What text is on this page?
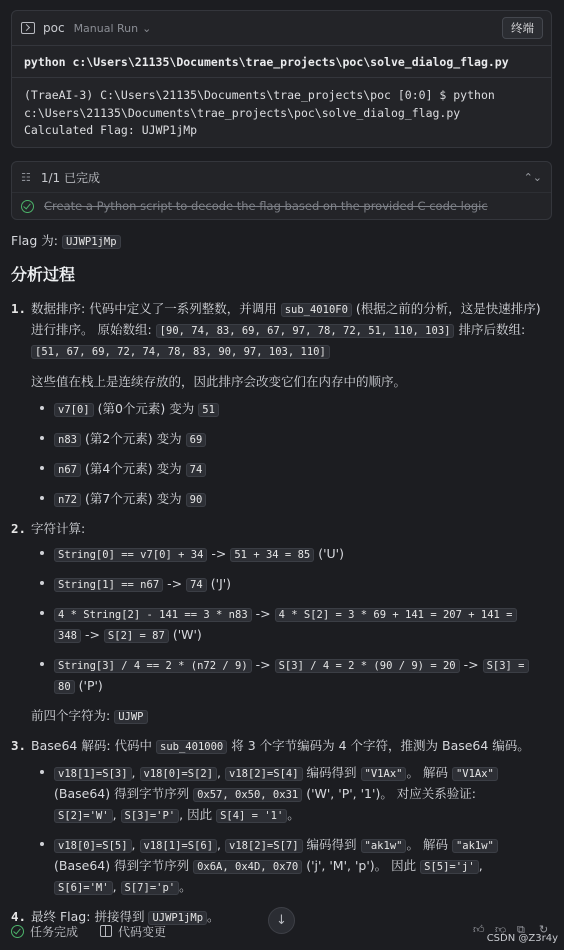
poc Manual Run ⌄	终端
python c:\Users\21135\Documents\trae_projects\poc\solve_dialog_flag.py
(TraeAI-3) C:\Users\21135\Documents\trae_projects\poc [0:0] $ python
c:\Users\21135\Documents\trae_projects\poc\solve_dialog_flag.py
Calculated Flag: UJWP1jMp
☷ 1/1 已完成	⌃⌄
Create a Python script to decode the flag based on the provided C code logic
Flag 为: UJWP1jMp
分析过程
1. 数据排序: 代码中定义了一系列整数，并调用 sub_4010F0 (根据之前的分析，这是快速排序) 进行排序。 原始数组: [90, 74, 83, 69, 67, 97, 78, 72, 51, 110, 103] 排序后数组: [51, 67, 69, 72, 74, 78, 83, 90, 97, 103, 110]
这些值在栈上是连续存放的，因此排序会改变它们在内存中的顺序。
v7[0] (第0个元素) 变为 51
n83 (第2个元素) 变为 69
n67 (第4个元素) 变为 74
n72 (第7个元素) 变为 90
2. 字符计算:
String[0] == v7[0] + 34 -> 51 + 34 = 85 ('U')
String[1] == n67 -> 74 ('J')
4 * String[2] - 141 == 3 * n83 -> 4 * S[2] = 3 * 69 + 141 = 207 + 141 =
348 -> S[2] = 87 ('W')
String[3] / 4 == 2 * (n72 / 9) -> S[3] / 4 = 2 * (90 / 9) = 20 -> S[3] =
80 ('P')
前四个字符为: UJWP
3. Base64 解码: 代码中 sub_401000 将 3 个字节编码为 4 个字符，推测为 Base64 编码。
v18[1]=S[3] , v18[0]=S[2] , v18[2]=S[4] 编码得到 "V1Ax" 。 解码 "V1Ax" (Base64) 得到字节序列 0x57, 0x50, 0x31 ('W', 'P', '1')。 对应关系验证:
S[2]='W' , S[3]='P' , 因此 S[4] = '1' 。
v18[0]=S[5] , v18[1]=S[6] , v18[2]=S[7] 编码得到 "ak1w" 。 解码 "ak1w" (Base64) 得到字节序列 0x6A, 0x4D, 0x70 ('j', 'M', 'p')。 因此 S[5]='j' ,
S[6]='M' , S[7]='p' 。
4. 最终 Flag: 拼接得到 UJWP1jMp 。
任务完成	代码变更
↓
👍︎ 👎︎ ⧉	↻
CSDN @Z3r4y
